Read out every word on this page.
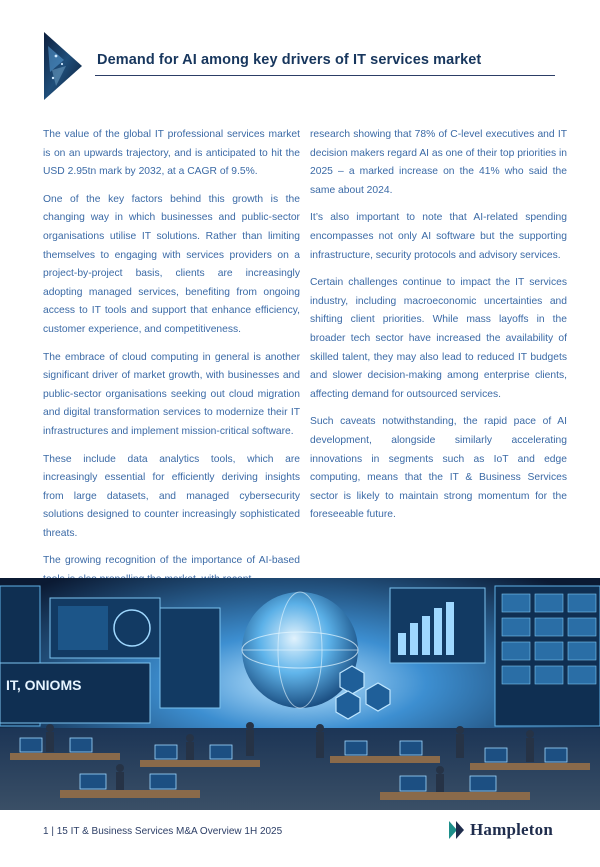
Demand for AI among key drivers of IT services market

The value of the global IT professional services market is on an upwards trajectory, and is anticipated to hit the USD 2.95tn mark by 2032, at a CAGR of 9.5%.

One of the key factors behind this growth is the changing way in which businesses and public-sector organisations utilise IT solutions. Rather than limiting themselves to engaging with services providers on a project-by-project basis, clients are increasingly adopting managed services, benefiting from ongoing access to IT tools and support that enhance efficiency, customer experience, and competitiveness.

The embrace of cloud computing in general is another significant driver of market growth, with businesses and public-sector organisations seeking out cloud migration and digital transformation services to modernize their IT infrastructures and implement mission-critical software.

These include data analytics tools, which are increasingly essential for efficiently deriving insights from large datasets, and managed cybersecurity solutions designed to counter increasingly sophisticated threats.

The growing recognition of the importance of AI-based

research showing that 78% of C-level executives and IT decision makers regard AI as one of their top priorities in 2025 – a marked increase on the 41% who said the same about 2024.

It’s also important to note that AI-related spending encompasses not only AI software but the supporting infrastructure, security protocols and advisory services.

Certain challenges continue to impact the IT services industry, including macroeconomic uncertainties and shifting client priorities. While mass layoffs in the broader tech sector have increased the availability of skilled talent, they may also lead to reduced IT budgets and slower decision-making among enterprise clients, affecting demand for outsourced services.

Such caveats notwithstanding, the rapid pace of AI development, alongside similarly accelerating innovations in segments such as IoT and edge computing, means that the IT & Business Services sector is likely to maintain strong momentum for the foreseeable future.

IT, ONIOMS
1 | 15 IT & Business Services M&A Overview 1H 2025	Hampleton
